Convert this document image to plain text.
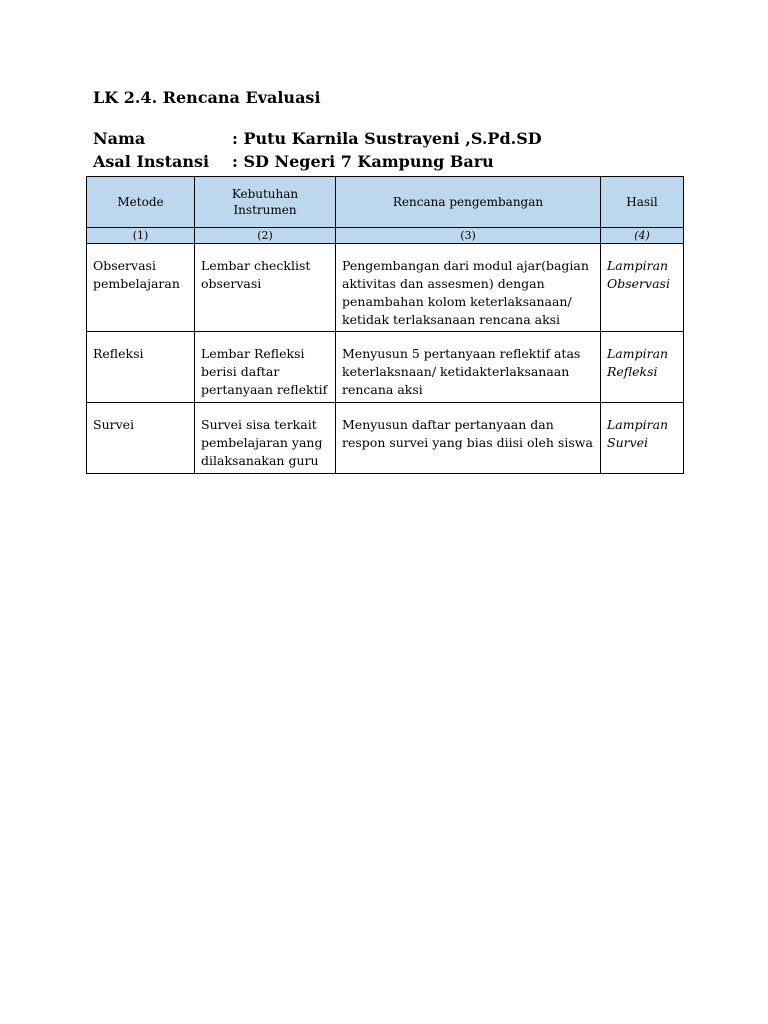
LK 2.4. Rencana Evaluasi
Nama	: Putu Karnila Sustrayeni ,S.Pd.SD
Asal Instansi : SD Negeri 7 Kampung Baru
Metode	Kebutuhan Instrumen	Rencana pengembangan	Hasil
(1)	(2)	(3)	(4)
Observasi pembelajaran	Lembar checklist observasi	Pengembangan dari modul ajar(bagian aktivitas dan assesmen) dengan penambahan kolom keterlaksanaan/ ketidak terlaksanaan rencana aksi	Lampiran Observasi
Refleksi	Lembar Refleksi berisi daftar pertanyaan reflektif	Menyusun 5 pertanyaan reflektif atas keterlaksnaan/ ketidakterlaksanaan rencana aksi	Lampiran Refleksi
Survei	Survei sisa terkait pembelajaran yang dilaksanakan guru	Menyusun daftar pertanyaan dan respon survei yang bias diisi oleh siswa	Lampiran Survei
